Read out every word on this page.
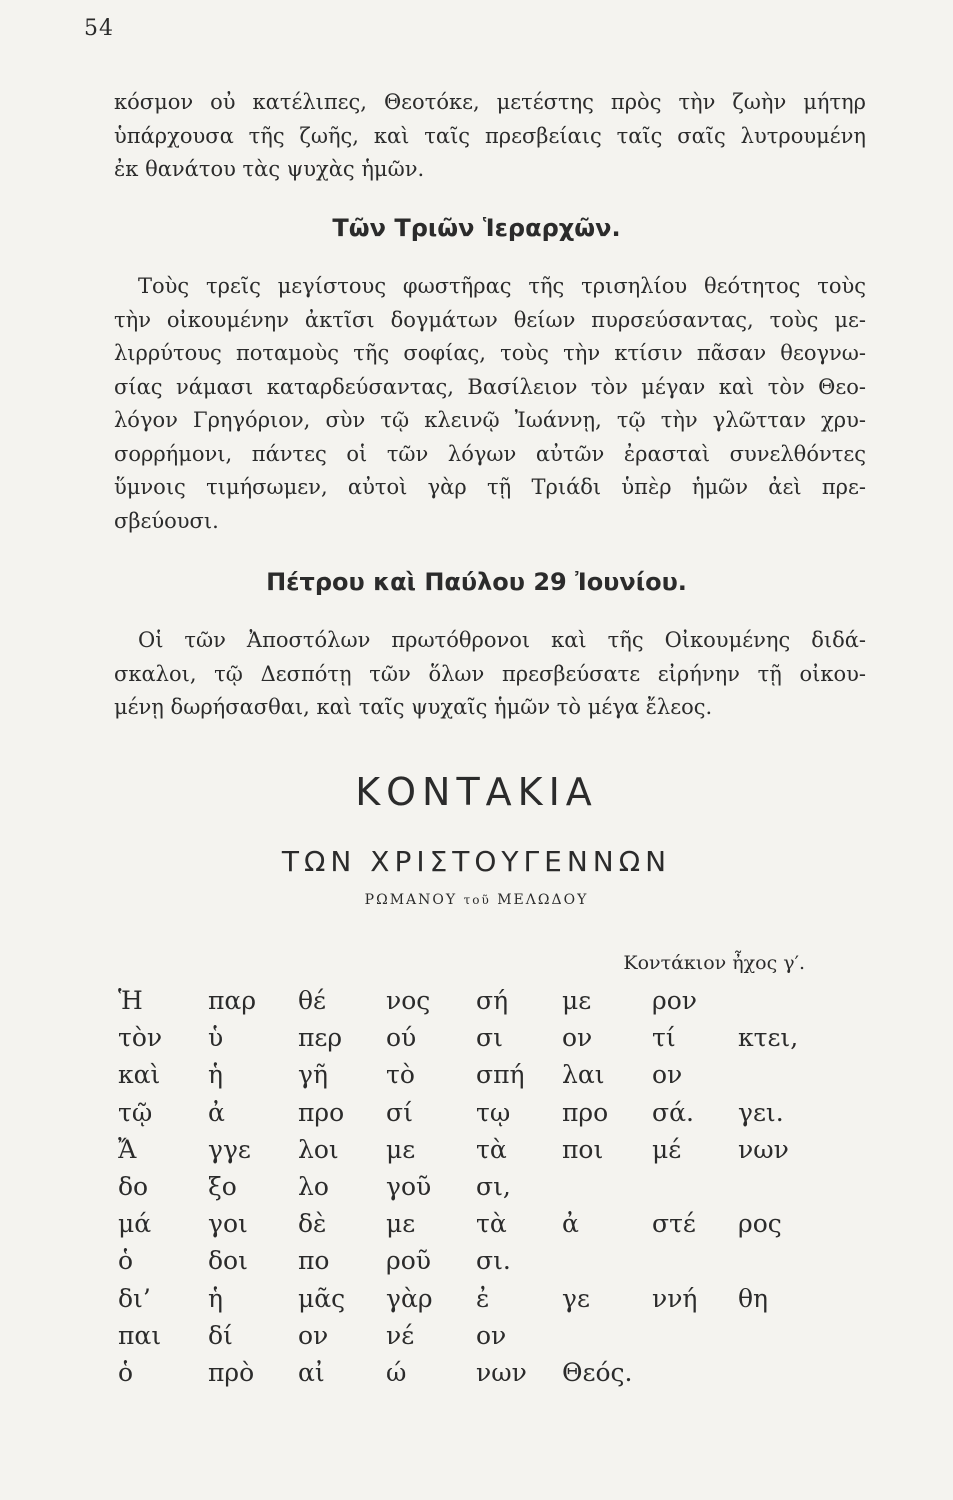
54

κόσμον οὐ κατέλιπες, Θεοτόκε, μετέστης πρὸς τὴν ζωὴν μήτηρ
ὑπάρχουσα τῆς ζωῆς, καὶ ταῖς πρεσβείαις ταῖς σαῖς λυτρουμένη
ἐκ θανάτου τὰς ψυχὰς ἡμῶν.

Τῶν Τριῶν Ἱεραρχῶν.

Τοὺς τρεῖς μεγίστους φωστῆρας τῆς τρισηλίου θεότητος τοὺς
τὴν οἰκουμένην ἀκτῖσι δογμάτων θείων πυρσεύσαντας, τοὺς με-
λιρρύτους ποταμοὺς τῆς σοφίας, τοὺς τὴν κτίσιν πᾶσαν θεογνω-
σίας νάμασι καταρδεύσαντας, Βασίλειον τὸν μέγαν καὶ τὸν Θεο-
λόγον Γρηγόριον, σὺν τῷ κλεινῷ Ἰωάννῃ, τῷ τὴν γλῶτταν χρυ-
σορρήμονι, πάντες οἱ τῶν λόγων αὐτῶν ἐρασταὶ συνελθόντες
ὕμνοις τιμήσωμεν, αὐτοὶ γὰρ τῇ Τριάδι ὑπὲρ ἡμῶν ἀεὶ πρε-
σβεύουσι.

Πέτρου καὶ Παύλου 29 Ἰουνίου.

Οἱ τῶν Ἀποστόλων πρωτόθρονοι καὶ τῆς Οἰκουμένης διδά-
σκαλοι, τῷ Δεσπότῃ τῶν ὅλων πρεσβεύσατε εἰρήνην τῇ οἰκου-
μένῃ δωρήσασθαι, καὶ ταῖς ψυχαῖς ἡμῶν τὸ μέγα ἔλεος.

ΚΟΝΤΑΚΙΑ
ΤΩΝ ΧΡΙΣΤΟΥΓΕΝΝΩΝ
ΡΩΜΑΝΟΥ τοῦ ΜΕΛΩΔΟΥ
Κοντάκιον ἦχος γ′.
Ἡ	παρ	θέ	νος	σή	με	ρον	
τὸν	ὑ	περ	ού	σι	ον	τί	κτει,
καὶ	ἡ	γῆ	τὸ	σπή	λαι	ον	
τῷ	ἀ	προ	σί	τῳ	προ	σά.	γει.
Ἄ	γγε	λοι	με	τὰ	ποι	μέ	νων
δο	ξο	λο	γοῦ	σι,			
μά	γοι	δὲ	με	τὰ	ἀ	στέ	ρος
ὁ	δοι	πο	ροῦ	σι.			
δι’	ἡ	μᾶς	γὰρ	ἐ	γε	ννή	θη
παι	δί	ον	νέ	ον			
ὁ	πρὸ	αἰ	ώ	νων	Θεός.		
